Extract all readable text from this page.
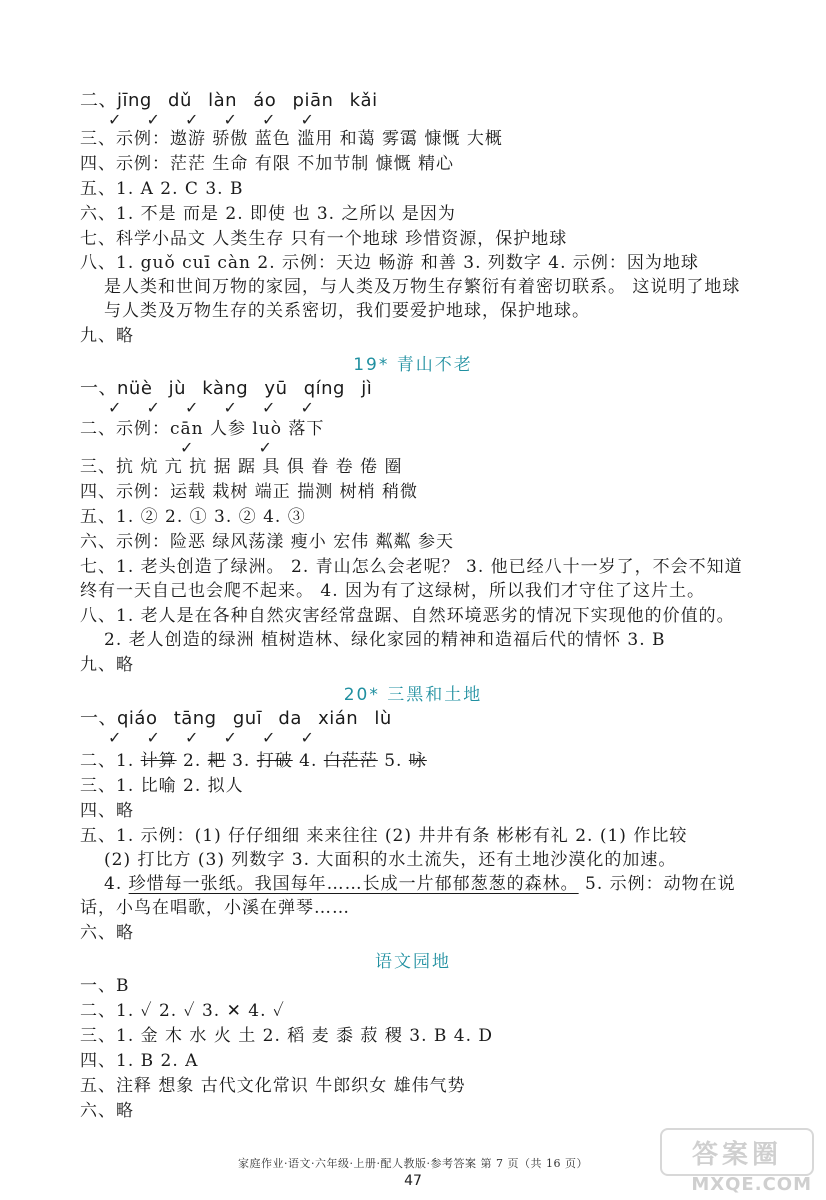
二、jīng dǔ làn áo piān kǎi
✓ ✓ ✓ ✓ ✓ ✓
三、示例：遨游 骄傲 蓝色 滥用 和蔼 雾霭 慷慨 大概
四、示例：茫茫 生命 有限 不加节制 慷慨 精心
五、1. A 2. C 3. B
六、1. 不是 而是 2. 即使 也 3. 之所以 是因为
七、科学小品文 人类生存 只有一个地球 珍惜资源，保护地球
八、1. guǒ cuī càn 2. 示例：天边 畅游 和善 3. 列数字 4. 示例：因为地球
是人类和世间万物的家园，与人类及万物生存繁衍有着密切联系。 这说明了地球
与人类及万物生存的关系密切，我们要爱护地球，保护地球。
九、略
19* 青山不老
一、nüè jù kàng yū qíng jì
✓ ✓ ✓ ✓ ✓ ✓
二、示例：cān 人参 luò 落下
✓ ✓
三、抗 炕 亢 抗 据 踞 具 俱 眷 卷 倦 圈
四、示例：运载 栽树 端正 揣测 树梢 稍微
五、1. ② 2. ① 3. ② 4. ③
六、示例：险恶 绿风荡漾 瘦小 宏伟 粼粼 参天
七、1. 老头创造了绿洲。 2. 青山怎么会老呢？ 3. 他已经八十一岁了，不会不知道
终有一天自己也会爬不起来。 4. 因为有了这绿树，所以我们才守住了这片土。
八、1. 老人是在各种自然灾害经常盘踞、自然环境恶劣的情况下实现他的价值的。
2. 老人创造的绿洲 植树造林、绿化家园的精神和造福后代的情怀 3. B
九、略
20* 三黑和土地
一、qiáo tāng guī da xián lù
✓ ✓ ✓ ✓ ✓ ✓
二、1. 计算 2. 耙 3. 打破 4. 白茫茫 5. 咏
三、1. 比喻 2. 拟人
四、略
五、1. 示例：(1) 仔仔细细 来来往往 (2) 井井有条 彬彬有礼 2. (1) 作比较
(2) 打比方 (3) 列数字 3. 大面积的水土流失，还有土地沙漠化的加速。
4. 珍惜每一张纸。我国每年……长成一片郁郁葱葱的森林。 5. 示例：动物在说
话，小鸟在唱歌，小溪在弹琴……
六、略
语文园地
一、B
二、1. ✓ 2. ✓ 3. ✕ 4. ✓
三、1. 金 木 水 火 土 2. 稻 麦 黍 菽 稷 3. B 4. D
四、1. B 2. A
五、注释 想象 古代文化常识 牛郎织女 雄伟气势
六、略
家庭作业·语文·六年级·上册·配人教版·参考答案 第 7 页（共 16 页）
47
答案圈
MXQE.COM
